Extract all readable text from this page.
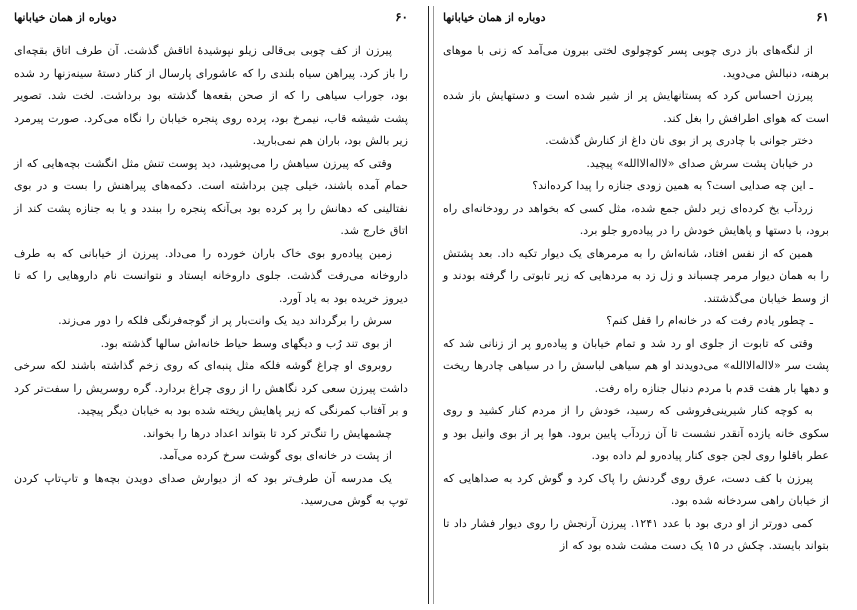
۶۰
دوباره از همان خیابانها

پیرزن از کف چوبی بی‌قالی زیلو نپوشیدهٔ اتاقش گذشت. آن طرف اتاق بقچه‌ای را باز کرد. پیراهن سیاه بلندی را که عاشورای پارسال از کنار دستهٔ سینه‌زنها رد شده بود، جوراب سیاهی را که از صحن بقعه‌ها گذشته بود برداشت. لخت شد. تصویر پشت شیشه قاب، نیمرخ بود، پرده روی پنجره خیابان را نگاه می‌کرد. صورت پیرمرد زیر بالش بود، باران هم نمی‌بارید.

وقتی که پیرزن سیاهش را می‌پوشید، دید پوست تنش مثل انگشت بچه‌هایی که از حمام آمده باشند، خیلی چین برداشته است. دکمه‌های پیراهنش را بست و در بوی نفتالینی که دهانش را پر کرده بود بی‌آنکه پنجره را ببندد و یا به جنازه پشت کند از اتاق خارج شد.

زمین پیاده‌رو بوی خاک باران خورده را می‌داد. پیرزن از خیابانی که به طرف داروخانه می‌رفت گذشت. جلوی داروخانه ایستاد و نتوانست نام داروهایی را که تا دیروز خریده بود به یاد آورد.

سرش را برگرداند دید یک وانت‌بار پر از گوجه‌فرنگی فلکه را دور می‌زند.

از بوی تند رُب و دیگهای وسط حیاط خانه‌اش سالها گذشته بود.

روبروی او چراغ گوشه فلکه مثل پنبه‌ای که روی زخم گذاشته باشند لکه سرخی داشت پیرزن سعی کرد نگاهش را از روی چراغ بردارد. گره روسریش را سفت‌تر کرد و بر آفتاب کمرنگی که زیر پاهایش ریخته شده بود به خیابان دیگر پیچید.

چشمهایش را تنگ‌تر کرد تا بتواند اعداد درها را بخواند.

از پشت در خانه‌ای بوی گوشت سرخ کرده می‌آمد.

یک مدرسه آن طرف‌تر بود که از دیوارش صدای دویدن بچه‌ها و تاپ‌تاپ کردن توپ به گوش می‌رسید.

۶۱
دوباره از همان خیابانها

از لنگه‌های باز دری چوبی پسر کوچولوی لختی بیرون می‌آمد که زنی با موهای برهنه، دنبالش می‌دوید.

پیرزن احساس کرد که پستانهایش پر از شیر شده است و دستهایش باز شده است که هوای اطرافش را بغل کند.

دختر جوانی با چادری پر از بوی نان داغ از کنارش گذشت.

در خیابان پشت سرش صدای «لااله‌الاالله» پیچید.

ـ این چه صدایی است؟ به همین زودی جنازه را پیدا کرده‌اند؟

زردآب یخ کرده‌ای زیر دلش جمع شده، مثل کسی که بخواهد در رودخانه‌ای راه برود، با دستها و پاهایش خودش را در پیاده‌رو جلو برد.

همین که از نفس افتاد، شانه‌اش را به مرمرهای یک دیوار تکیه داد. بعد پشتش را به همان دیوار مرمر چسباند و زل زد به مردهایی که زیر تابوتی را گرفته بودند و از وسط خیابان می‌گذشتند.

ـ چطور یادم رفت که در خانه‌ام را قفل کنم؟

وقتی که تابوت از جلوی او رد شد و تمام خیابان و پیاده‌رو پر از زنانی شد که پشت سر «لااله‌الاالله» می‌دویدند او هم سیاهی لباسش را در سیاهی چادرها ریخت و دهها بار هفت قدم با مردم دنبال جنازه راه رفت.

به کوچه کنار شیرینی‌فروشی که رسید، خودش را از مردم کنار کشید و روی سکوی خانه یازده آنقدر نشست تا آن زردآب پایین برود. هوا پر از بوی وانیل بود و عطر باقلوا روی لجن جوی کنار پیاده‌رو لم داده بود.

پیرزن با کف دست، عرق روی گردنش را پاک کرد و گوش کرد به صداهایی که از خیابان راهی سردخانه شده بود.

کمی دورتر از او دری بود با عدد ۱۲۴۱. پیرزن آرنجش را روی دیوار فشار داد تا بتواند بایستد. چکش در ۱۵ یک دست مشت شده بود که از
